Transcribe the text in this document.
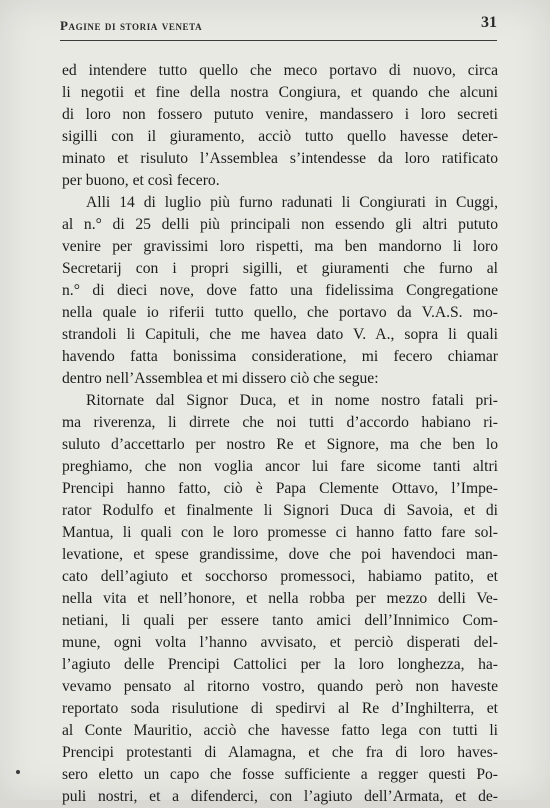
Pagine di storia veneta	31
ed intendere tutto quello che meco portavo di nuovo, circa
li negotii et fine della nostra Congiura, et quando che alcuni
di loro non fossero pututo venire, mandassero i loro secreti
sigilli con il giuramento, acciò tutto quello havesse deter-
minato et risuluto l’Assemblea s’intendesse da loro ratificato
per buono, et così fecero.
Alli 14 di luglio più furno radunati li Congiurati in Cuggi,
al n.° di 25 delli più principali non essendo gli altri pututo
venire per gravissimi loro rispetti, ma ben mandorno li loro
Secretarij con i propri sigilli, et giuramenti che furno al
n.° di dieci nove, dove fatto una fidelissima Congregatione
nella quale io riferii tutto quello, che portavo da V.A.S. mo-
strandoli li Capituli, che me havea dato V. A., sopra li quali
havendo fatta bonissima consideratione, mi fecero chiamar
dentro nell’Assemblea et mi dissero ciò che segue:
Ritornate dal Signor Duca, et in nome nostro fatali pri-
ma riverenza, li dirrete che noi tutti d’accordo habiano ri-
suluto d’accettarlo per nostro Re et Signore, ma che ben lo
preghiamo, che non voglia ancor lui fare sicome tanti altri
Prencipi hanno fatto, ciò è Papa Clemente Ottavo, l’Impe-
rator Rodulfo et finalmente li Signori Duca di Savoia, et di
Mantua, li quali con le loro promesse ci hanno fatto fare sol-
levatione, et spese grandissime, dove che poi havendoci man-
cato dell’agiuto et socchorso promessoci, habiamo patito, et
nella vita et nell’honore, et nella robba per mezzo delli Ve-
netiani, li quali per essere tanto amici dell’Innimico Com-
mune, ogni volta l’hanno avvisato, et perciò disperati del-
l’agiuto delle Prencipi Cattolici per la loro longhezza, ha-
vevamo pensato al ritorno vostro, quando però non haveste
reportato soda risulutione di spedirvi al Re d’Inghilterra, et
al Conte Mauritio, acciò che havesse fatto lega con tutti li
Prencipi protestanti di Alamagna, et che fra di loro haves-
sero eletto un capo che fosse sufficiente a regger questi Po-
puli nostri, et a difenderci, con l’agiuto dell’Armata, et de-
